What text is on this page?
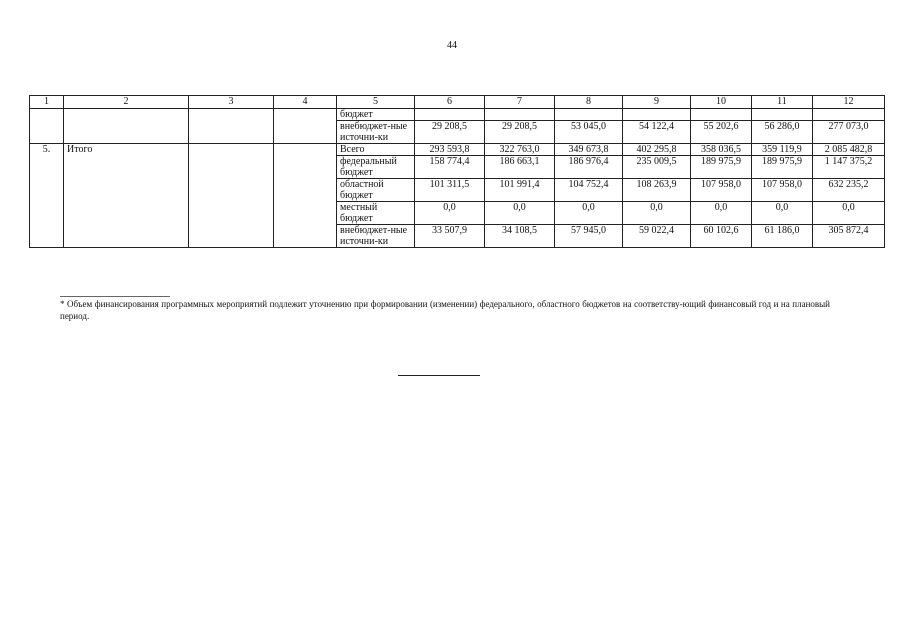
44
1	2	3	4	5	6	7	8	9	10	11	12
				бюджет							

				внебюджет-ные источни-ки	29 208,5	29 208,5	53 045,0	54 122,4	55 202,6	56 286,0	277 073,0
5.	Итого			Всего	293 593,8	322 763,0	349 673,8	402 295,8	358 036,5	359 119,9	2 085 482,8
				федеральный бюджет	158 774,4	186 663,1	186 976,4	235 009,5	189 975,9	189 975,9	1 147 375,2
				областной бюджет	101 311,5	101 991,4	104 752,4	108 263,9	107 958,0	107 958,0	632 235,2
				местный бюджет	0,0	0,0	0,0	0,0	0,0	0,0	0,0

				внебюджет-ные источни-ки	33 507,9	34 108,5	57 945,0	59 022,4	60 102,6	61 186,0	305 872,4
* Объем финансирования программных мероприятий подлежит уточнению при формировании (изменении) федерального, областного бюджетов на соответству-ющий финансовый год и на плановый период.
